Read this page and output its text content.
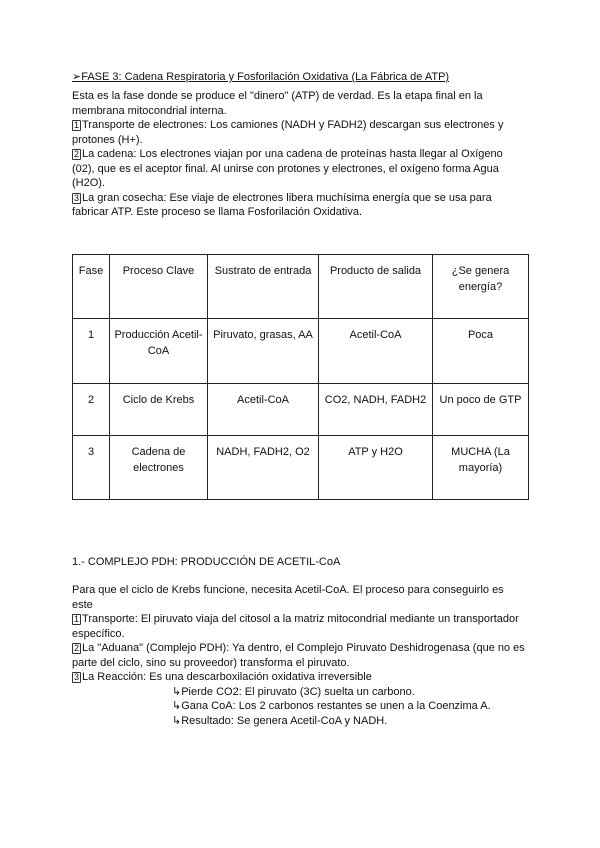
➢FASE 3: Cadena Respiratoria y Fosforilación Oxidativa (La Fábrica de ATP)
Esta es la fase donde se produce el "dinero" (ATP) de verdad. Es la etapa final en la
membrana mitocondrial interna.
1 Transporte de electrones: Los camiones (NADH y FADH2) descargan sus electrones y
protones (H+).
2 La cadena: Los electrones viajan por una cadena de proteínas hasta llegar al Oxígeno
(02), que es el aceptor final. Al unirse con protones y electrones, el oxígeno forma Agua
(H2O).
3 La gran cosecha: Ese viaje de electrones libera muchísima energía que se usa para
fabricar ATP. Este proceso se llama Fosforilación Oxidativa.
Fase	Proceso Clave	Sustrato de entrada	Producto de salida	¿Se genera energía?
1	Producción Acetil-CoA	Piruvato, grasas, AA	Acetil-CoA	Poca
2	Ciclo de Krebs	Acetil-CoA	CO2, NADH, FADH2	Un poco de GTP
3	Cadena de electrones	NADH, FADH2, O2	ATP y H2O	MUCHA (La mayoría)
1.- COMPLEJO PDH: PRODUCCIÓN DE ACETIL-CoA
Para que el ciclo de Krebs funcione, necesita Acetil-CoA. El proceso para conseguirlo es
este
1 Transporte: El piruvato viaja del citosol a la matriz mitocondrial mediante un transportador
específico.
2 La "Aduana" (Complejo PDH): Ya dentro, el Complejo Piruvato Deshidrogenasa (que no es
parte del ciclo, sino su proveedor) transforma el piruvato.
3 La Reacción: Es una descarboxilación oxidativa irreversible
↳Pierde CO2: El piruvato (3C) suelta un carbono.
↳Gana CoA: Los 2 carbonos restantes se unen a la Coenzima A.
↳Resultado: Se genera Acetil-CoA y NADH.
